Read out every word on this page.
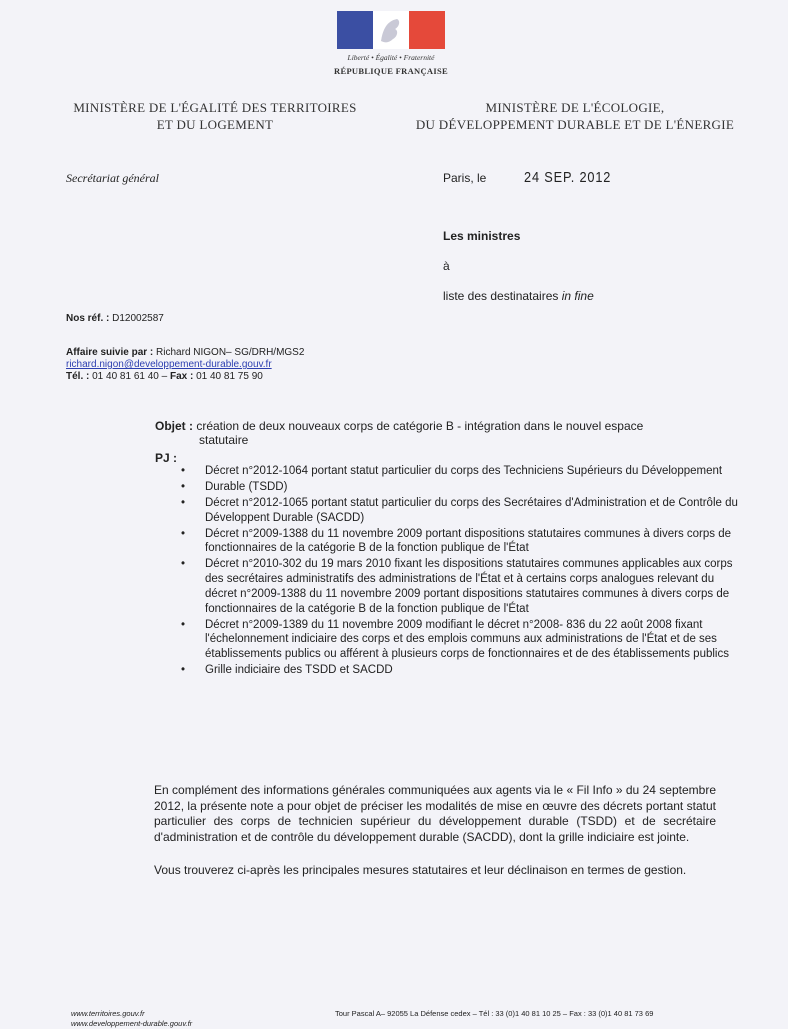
Liberté • Égalité • Fraternité
RÉPUBLIQUE FRANÇAISE
MINISTÈRE DE L'ÉGALITÉ DES TERRITOIRES
ET DU LOGEMENT
MINISTÈRE DE L'ÉCOLOGIE,
DU DÉVELOPPEMENT DURABLE ET DE L'ÉNERGIE
Secrétariat général	Paris, le	24 SEP. 2012
Les ministres
à
liste des destinataires in fine
Nos réf. : D12002587
Affaire suivie par : Richard NIGON– SG/DRH/MGS2
richard.nigon@developpement-durable.gouv.fr
Tél. : 01 40 81 61 40 – Fax : 01 40 81 75 90
Objet : création de deux nouveaux corps de catégorie B - intégration dans le nouvel espace
statutaire
PJ :
• Décret n°2012-1064 portant statut particulier du corps des Techniciens Supérieurs du Développement
• Durable (TSDD)
• Décret n°2012-1065 portant statut particulier du corps des Secrétaires d'Administration et de Contrôle du Développent Durable (SACDD)
• Décret n°2009-1388 du 11 novembre 2009 portant dispositions statutaires communes à divers corps de fonctionnaires de la catégorie B de la fonction publique de l'État
• Décret n°2010-302 du 19 mars 2010 fixant les dispositions statutaires communes applicables aux corps des secrétaires administratifs des administrations de l'État et à certains corps analogues relevant du décret n°2009-1388 du 11 novembre 2009 portant dispositions statutaires communes à divers corps de fonctionnaires de la catégorie B de la fonction publique de l'État
• Décret n°2009-1389 du 11 novembre 2009 modifiant le décret n°2008- 836 du 22 août 2008 fixant l'échelonnement indiciaire des corps et des emplois communs aux administrations de l'État et de ses établissements publics ou afférent à plusieurs corps de fonctionnaires et de des établissements publics
• Grille indiciaire des TSDD et SACDD
En complément des informations générales communiquées aux agents via le « Fil Info » du 24 septembre 2012, la présente note a pour objet de préciser les modalités de mise en œuvre des décrets portant statut particulier des corps de technicien supérieur du développement durable (TSDD) et de secrétaire d'administration et de contrôle du développement durable (SACDD), dont la grille indiciaire est jointe.
Vous trouverez ci-après les principales mesures statutaires et leur déclinaison en termes de gestion.
www.territoires.gouv.fr
www.developpement-durable.gouv.fr
Tour Pascal A– 92055 La Défense cedex – Tél : 33 (0)1 40 81 10 25 – Fax : 33 (0)1 40 81 73 69
